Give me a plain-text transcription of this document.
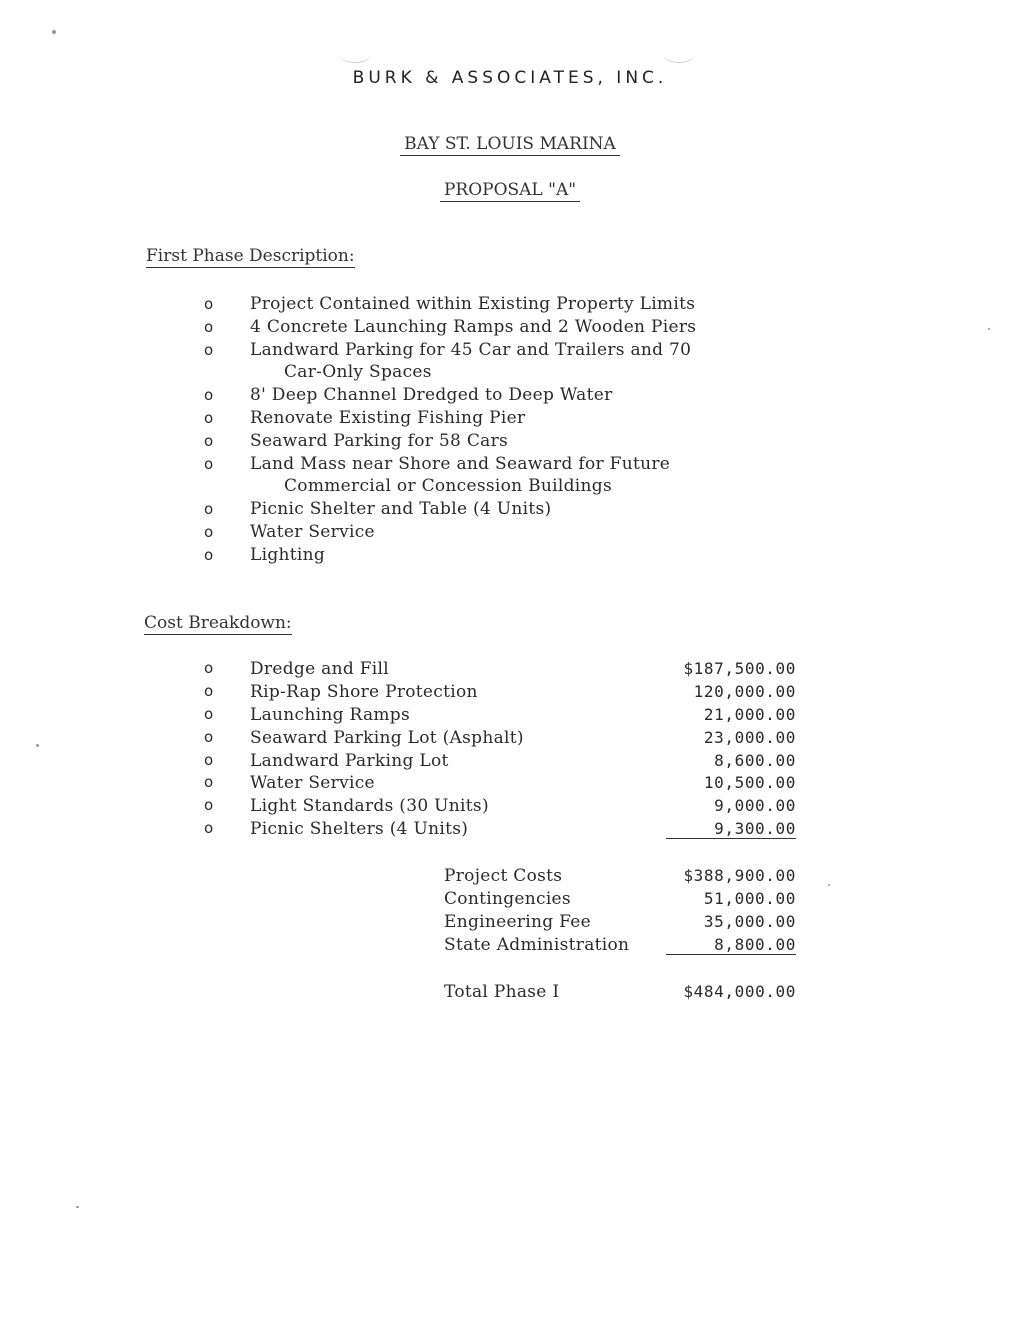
BURK & ASSOCIATES, INC.
BAY ST. LOUIS MARINA
PROPOSAL "A"
First Phase Description:
o Project Contained within Existing Property Limits
o 4 Concrete Launching Ramps and 2 Wooden Piers
o Landward Parking for 45 Car and Trailers and 70
Car-Only Spaces
o 8' Deep Channel Dredged to Deep Water
o Renovate Existing Fishing Pier
o Seaward Parking for 58 Cars
o Land Mass near Shore and Seaward for Future
Commercial or Concession Buildings
o Picnic Shelter and Table (4 Units)
o Water Service
o Lighting
Cost Breakdown:
o Dredge and Fill	$187,500.00
o Rip-Rap Shore Protection	120,000.00
o Launching Ramps	21,000.00
o Seaward Parking Lot (Asphalt)	23,000.00
o Landward Parking Lot	8,600.00
o Water Service	10,500.00
o Light Standards (30 Units)	9,000.00
o Picnic Shelters (4 Units)	9,300.00
Project Costs	$388,900.00
Contingencies	51,000.00
Engineering Fee	35,000.00
State Administration	8,800.00
Total Phase I	$484,000.00
